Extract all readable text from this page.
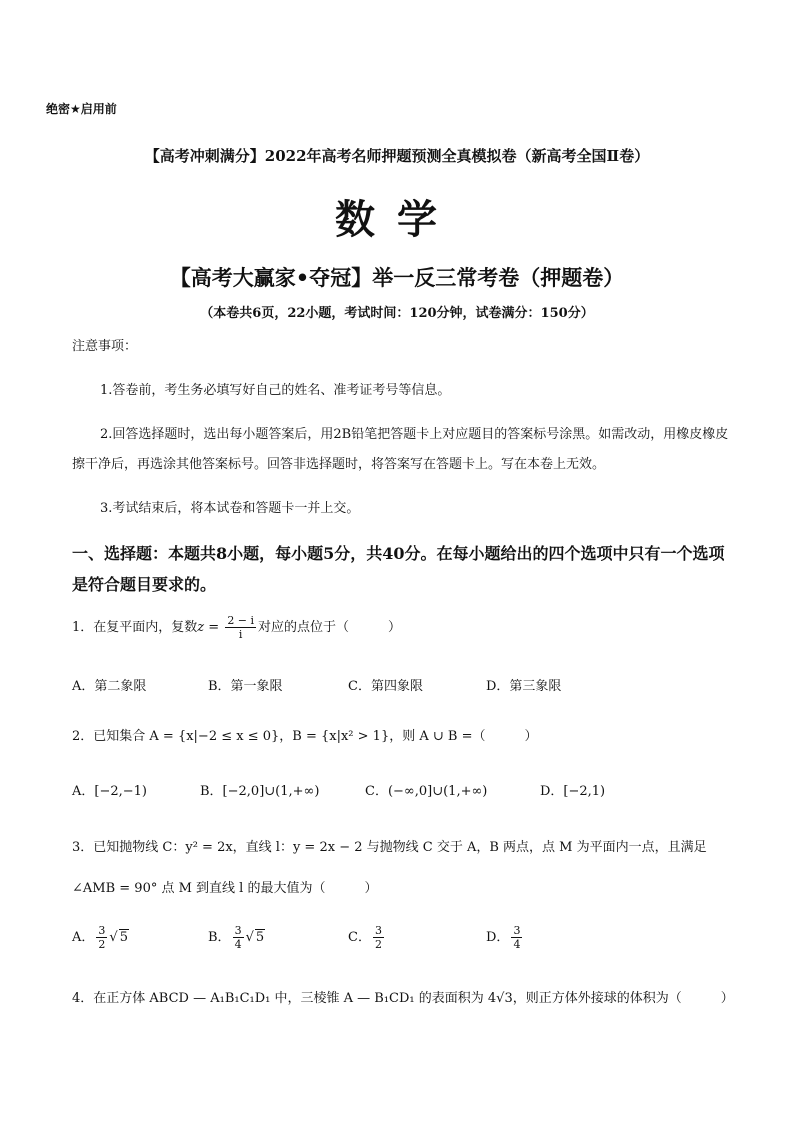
绝密★启用前
【高考冲刺满分】2022年高考名师押题预测全真模拟卷（新高考全国Ⅱ卷）
数学
【高考大赢家•夺冠】举一反三常考卷（押题卷）
（本卷共6页，22小题，考试时间：120分钟，试卷满分：150分）
注意事项：
1.答卷前，考生务必填写好自己的姓名、准考证考号等信息。
2.回答选择题时，选出每小题答案后，用2B铅笔把答题卡上对应题目的答案标号涂黑。如需改动，用橡皮橡皮擦干净后，再选涂其他答案标号。回答非选择题时，将答案写在答题卡上。写在本卷上无效。
3.考试结束后，将本试卷和答题卡一并上交。
一、选择题：本题共8小题，每小题5分，共40分。在每小题给出的四个选项中只有一个选项是符合题目要求的。
1．在复平面内，复数$z = \frac{2 - i}{i}$ 对应的点位于（　　　）
A．第二象限	B．第一象限	C．第四象限	D．第三象限
2．已知集合 A = {x|−2 ≤ x ≤ 0}，B = {x|x² > 1}，则 A ∪ B =（　　　）
A．[−2,−1)	B．[−2,0]∪(1,+∞)	C．(−∞,0]∪(1,+∞)	D．[−2,1)
3．已知抛物线 C：y² = 2x，直线 l：y = 2x − 2 与抛物线 C 交于 A，B 两点，点 M 为平面内一点，且满足
∠AMB = 90° 点 M 到直线 l 的最大值为（　　　）
A． $\frac{3}{2}$ √ 5	B． $\frac{3}{4}$ √ 5	C． $\frac{3}{2}$	D． $\frac{3}{4}$
4．在正方体 ABCD — A₁B₁C₁D₁ 中，三棱锥 A — B₁CD₁ 的表面积为 4√3，则正方体外接球的体积为（　　　）
